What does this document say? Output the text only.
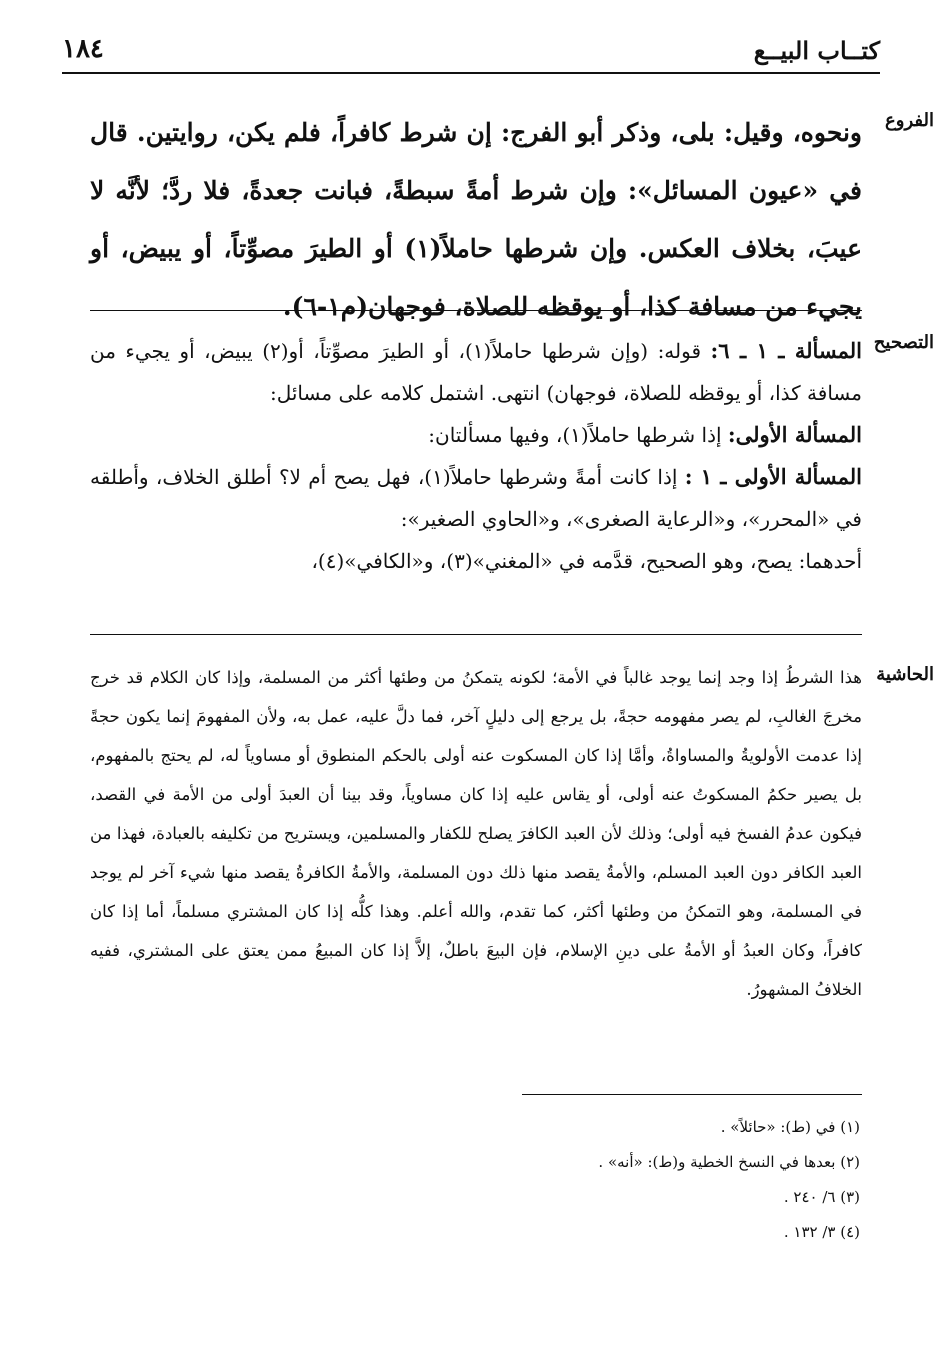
١٨٤	كتــاب البيــع
الفروع

ونحوه، وقيل: بلى، وذكر أبو الفرج: إن شرط كافراً، فلم يكن، روايتين. قال في «عيون المسائل»: وإن شرط أمةً سبطةً، فبانت جعدةً، فلا ردَّ؛ لأنَّه لا عيبَ، بخلاف العكس. وإن شرطها حاملاً(١) أو الطيرَ مصوِّتاً، أو يبيض، أو يجيء من مسافة كذا، أو يوقظه للصلاة، فوجهان(م١-٦).

التصحيح

المسألة ـ ١ ـ ٦: قوله: (وإن شرطها حاملاً(١)، أو الطيرَ مصوِّتاً، أو(٢) يبيض، أو يجيء من مسافة كذا، أو يوقظه للصلاة، فوجهان) انتهى. اشتمل كلامه على مسائل:

المسألة الأولى: إذا شرطها حاملاً(١)، وفيها مسألتان:

المسألة الأولى ـ ١ : إذا كانت أمةً وشرطها حاملاً(١)، فهل يصح أم لا؟ أطلق الخلاف، وأطلقه في «المحرر»، و«الرعاية الصغرى»، و«الحاوي الصغير»:

أحدهما: يصح، وهو الصحيح، قدَّمه في «المغني»(٣)، و«الكافي»(٤)،

الحاشية

هذا الشرطُ إذا وجد إنما يوجد غالباً في الأمة؛ لكونه يتمكنُ من وطئها أكثر من المسلمة، وإذا كان الكلام قد خرج مخرجَ الغالبِ، لم يصر مفهومه حجةً، بل يرجع إلى دليلٍ آخر، فما دلَّ عليه، عمل به، ولأن المفهومَ إنما يكون حجةً إذا عدمت الأولويةُ والمساواةُ، وأمَّا إذا كان المسكوت عنه أولى بالحكم المنطوق أو مساوياً له، لم يحتج بالمفهوم، بل يصير حكمُ المسكوتُ عنه أولى، أو يقاس عليه إذا كان مساوياً، وقد بينا أن العبدَ أولى من الأمة في القصد، فيكون عدمُ الفسخ فيه أولى؛ وذلك لأن العبد الكافرَ يصلح للكفار والمسلمين، ويستريح من تكليفه بالعبادة، فهذا من العبد الكافر دون العبد المسلم، والأمةُ يقصد منها ذلك دون المسلمة، والأمةُ الكافرةُ يقصد منها شيء آخر لم يوجد في المسلمة، وهو التمكنُ من وطئها أكثر، كما تقدم، والله أعلم. وهذا كلُّه إذا كان المشتري مسلماً، أما إذا كان كافراً، وكان العبدُ أو الأمةُ على دينِ الإسلام، فإن البيعَ باطلٌ، إلاَّ إذا كان المبيعُ ممن يعتق على المشتري، ففيه الخلافُ المشهورُ.

(١) في (ط): «حائلاً» .
(٢) بعدها في النسخ الخطية و(ط): «أنه» .
(٣) ٦/ ٢٤٠ .
(٤) ٣/ ١٣٢ .
